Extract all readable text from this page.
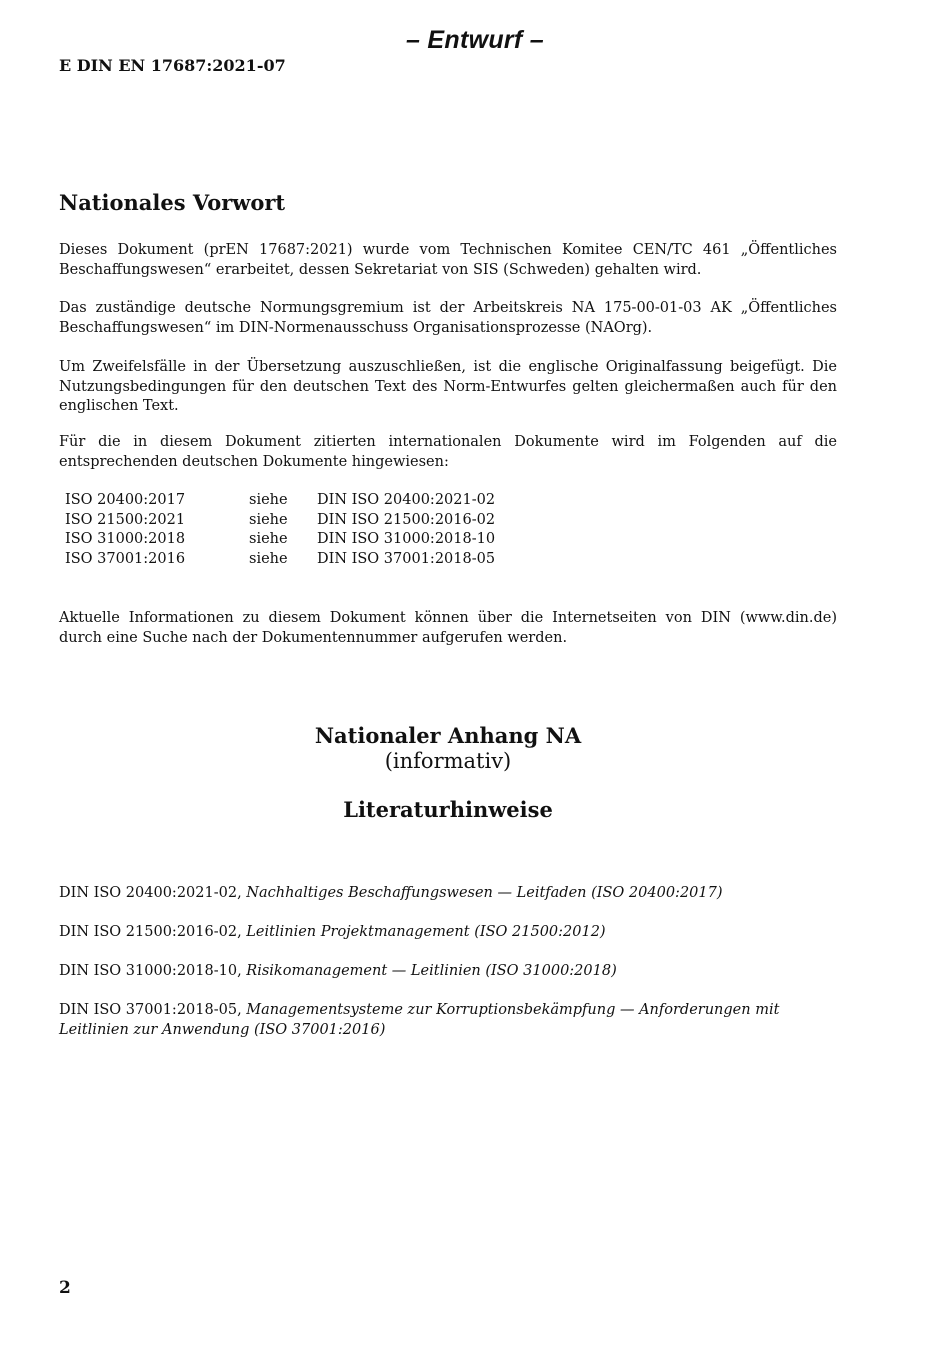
– Entwurf –
E DIN EN 17687:2021-07
Nationales Vorwort

Dieses Dokument (prEN 17687:2021) wurde vom Technischen Komitee CEN/TC 461 „Öffentliches Beschaffungswesen“ erarbeitet, dessen Sekretariat von SIS (Schweden) gehalten wird.

Das zuständige deutsche Normungsgremium ist der Arbeitskreis NA 175-00-01-03 AK „Öffentliches Beschaffungswesen“ im DIN-Normenausschuss Organisationsprozesse (NAOrg).

Um Zweifelsfälle in der Übersetzung auszuschließen, ist die englische Originalfassung beigefügt. Die Nutzungsbedingungen für den deutschen Text des Norm-Entwurfes gelten gleichermaßen auch für den englischen Text.

Für die in diesem Dokument zitierten internationalen Dokumente wird im Folgenden auf die entsprechenden deutschen Dokumente hingewiesen:

ISO 20400:2017	siehe	DIN ISO 20400:2021-02
ISO 21500:2021	siehe	DIN ISO 21500:2016-02
ISO 31000:2018	siehe	DIN ISO 31000:2018-10
ISO 37001:2016	siehe	DIN ISO 37001:2018-05

Aktuelle Informationen zu diesem Dokument können über die Internetseiten von DIN (www.din.de) durch eine Suche nach der Dokumentennummer aufgerufen werden.

Nationaler Anhang NA
(informativ)
Literaturhinweise
DIN ISO 20400:2021-02, Nachhaltiges Beschaffungswesen — Leitfaden (ISO 20400:2017)
DIN ISO 21500:2016-02, Leitlinien Projektmanagement (ISO 21500:2012)
DIN ISO 31000:2018-10, Risikomanagement — Leitlinien (ISO 31000:2018)
DIN ISO 37001:2018-05, Managementsysteme zur Korruptionsbekämpfung — Anforderungen mit Leitlinien zur Anwendung (ISO 37001:2016)
2
